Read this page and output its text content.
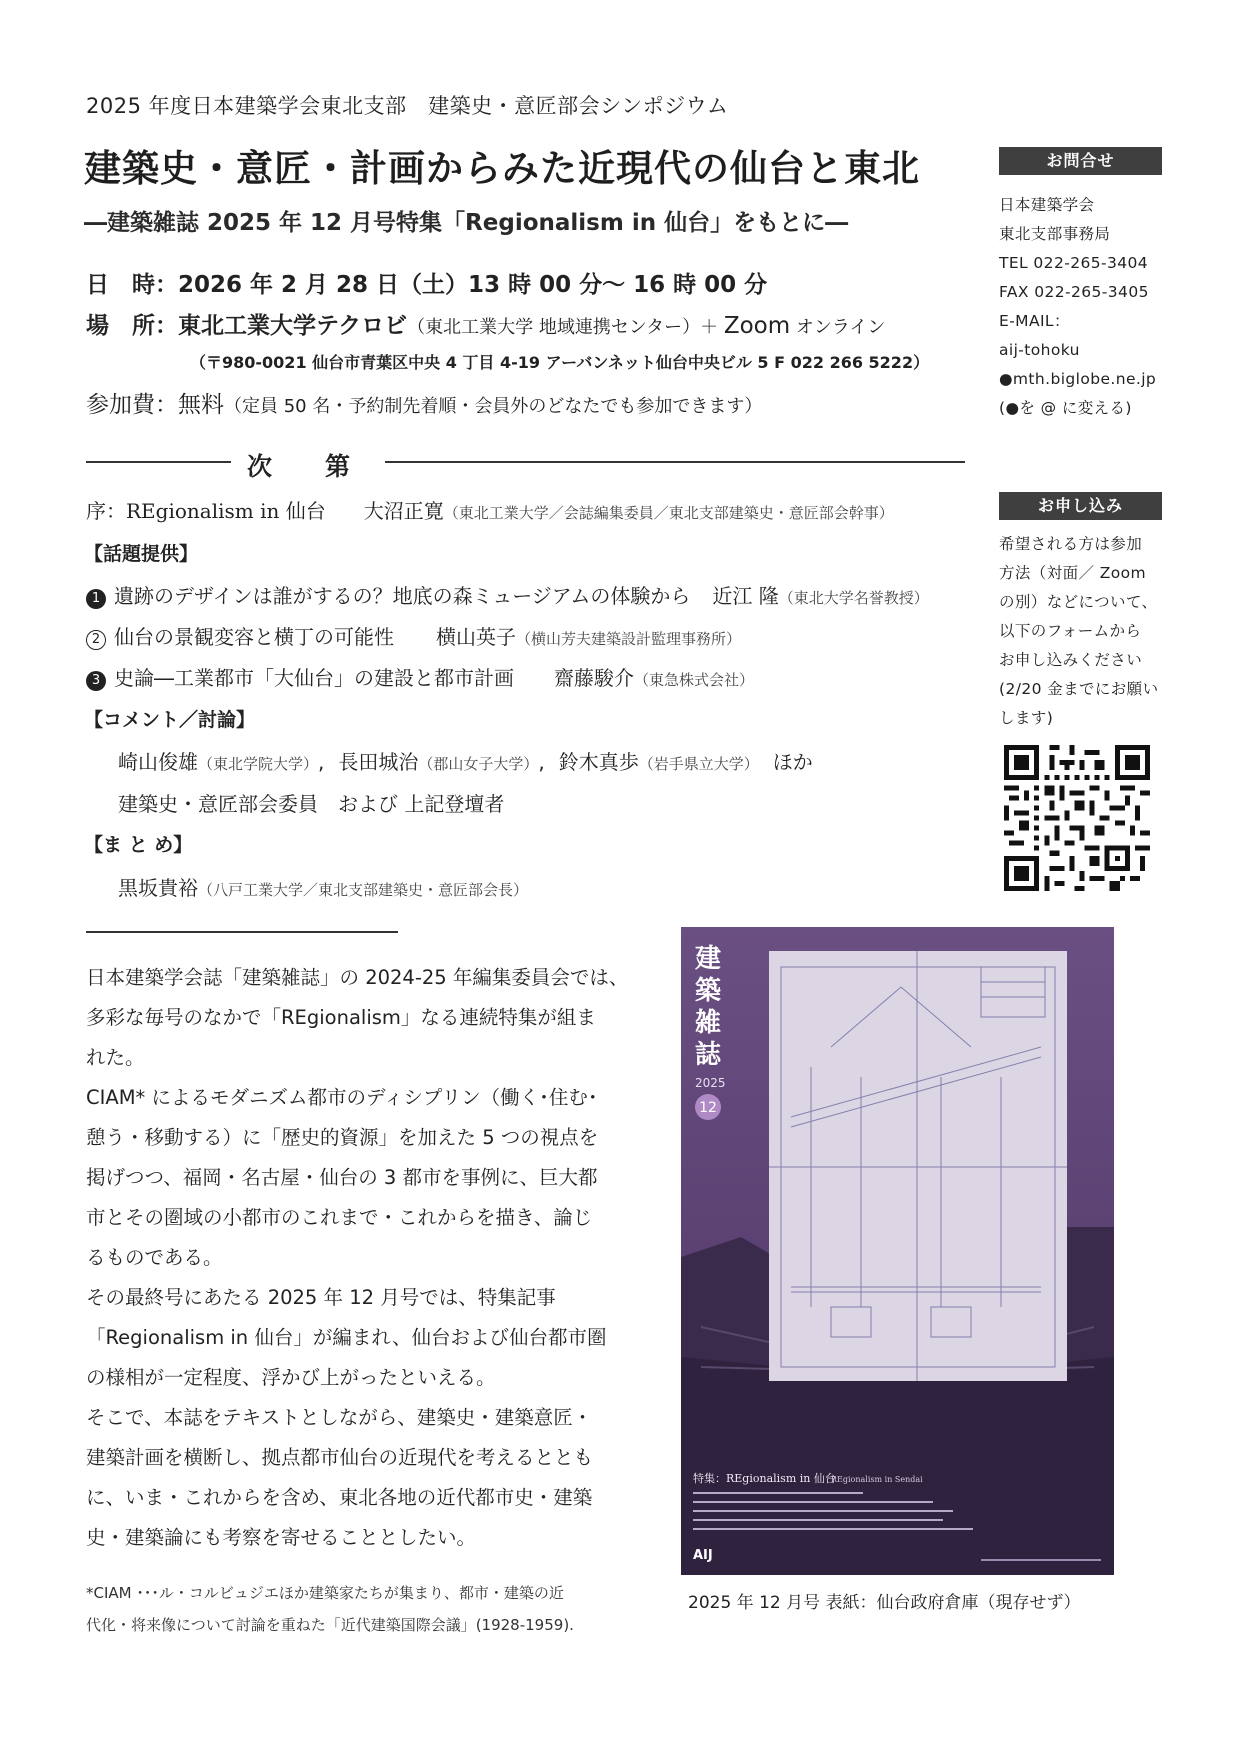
2025 年度日本建築学会東北支部　建築史・意匠部会シンポジウム
建築史・意匠・計画からみた近現代の仙台と東北
―建築雑誌 2025 年 12 月号特集「Regionalism in 仙台」をもとに―
日　時：2026 年 2 月 28 日（土）13 時 00 分～ 16 時 00 分
場　所：東北工業大学テクロビ（東北工業大学 地域連携センター）＋ Zoom オンライン
（〒980-0021 仙台市青葉区中央 4 丁目 4-19 アーバンネット仙台中央ビル 5 F 022 266 5222）
参加費：無料（定員 50 名・予約制先着順・会員外のどなたでも参加できます）
次　第
序：REgionalism in 仙台 大沼正寛（東北工業大学／会誌編集委員／東北支部建築史・意匠部会幹事）
【話題提供】
1 遺跡のデザインは誰がするの？地底の森ミュージアムの体験から 近江 隆（東北大学名誉教授）
2 仙台の景観変容と横丁の可能性 横山英子（横山芳夫建築設計監理事務所）
3 史論―工業都市「大仙台」の建設と都市計画 齋藤駿介（東急株式会社）
【コメント／討論】
崎山俊雄（東北学院大学）, 長田城治（郡山女子大学）, 鈴木真歩（岩手県立大学） ほか
建築史・意匠部会委員　および 上記登壇者
【ま と め】
黒坂貴裕（八戸工業大学／東北支部建築史・意匠部会長）
お問合せ
日本建築学会
東北支部事務局
TEL 022-265-3404
FAX 022-265-3405
E-MAIL：
aij-tohoku
●mth.biglobe.ne.jp
(●を @ に変える)
お申し込み
希望される方は参加
方法（対面／ Zoom
の別）などについて、
以下のフォームから
お申し込みください
(2/20 金までにお願い
します)

日本建築学会誌「建築雑誌」の 2024-25 年編集委員会では、

多彩な毎号のなかで「REgionalism」なる連続特集が組ま

れた。

CIAM* によるモダニズム都市のディシプリン（働く･住む･

憩う・移動する）に「歴史的資源」を加えた 5 つの視点を

掲げつつ、福岡・名古屋・仙台の 3 都市を事例に、巨大都

市とその圏域の小都市のこれまで・これからを描き、論じ

るものである。

その最終号にあたる 2025 年 12 月号では、特集記事

「Regionalism in 仙台」が編まれ、仙台および仙台都市圏

の様相が一定程度、浮かび上がったといえる。

そこで、本誌をテキストとしながら、建築史・建築意匠・

建築計画を横断し、拠点都市仙台の近現代を考えるととも

に、いま・これからを含め、東北各地の近代都市史・建築

史・建築論にも考察を寄せることとしたい。

*CIAM ･･･ル・コルビュジエほか建築家たちが集まり、都市・建築の近
代化・将来像について討論を重ねた「近代建築国際会議」(1928-1959).
建
築
雑
誌
2025
12
特集：REgionalism in 仙台
REgionalism in Sendai
AIJ
2025 年 12 月号 表紙：仙台政府倉庫（現存せず）
